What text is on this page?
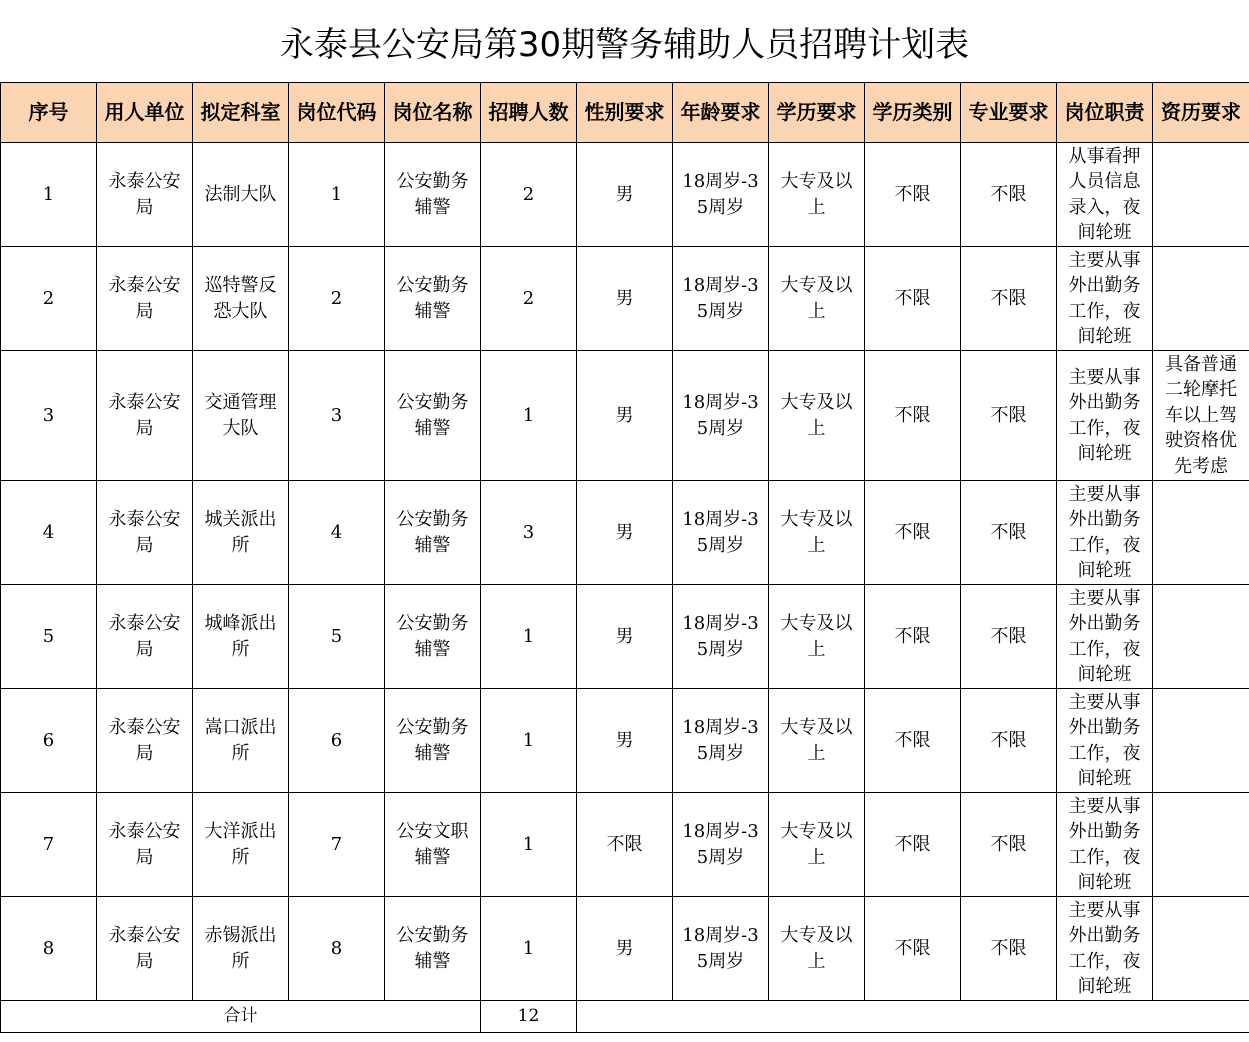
永泰县公安局第30期警务辅助人员招聘计划表
序号	用人单位	拟定科室	岗位代码	岗位名称	招聘人数	性别要求	年龄要求	学历要求	学历类别	专业要求	岗位职责	资历要求
1	永泰公安局	法制大队	1	公安勤务辅警	2	男	18周岁-35周岁	大专及以上	不限	不限	从事看押人员信息录入，夜间轮班	
2	永泰公安局	巡特警反恐大队	2	公安勤务辅警	2	男	18周岁-35周岁	大专及以上	不限	不限	主要从事外出勤务工作，夜间轮班	
3	永泰公安局	交通管理大队	3	公安勤务辅警	1	男	18周岁-35周岁	大专及以上	不限	不限	主要从事外出勤务工作，夜间轮班	具备普通二轮摩托车以上驾驶资格优先考虑
4	永泰公安局	城关派出所	4	公安勤务辅警	3	男	18周岁-35周岁	大专及以上	不限	不限	主要从事外出勤务工作，夜间轮班	
5	永泰公安局	城峰派出所	5	公安勤务辅警	1	男	18周岁-35周岁	大专及以上	不限	不限	主要从事外出勤务工作，夜间轮班	
6	永泰公安局	嵩口派出所	6	公安勤务辅警	1	男	18周岁-35周岁	大专及以上	不限	不限	主要从事外出勤务工作，夜间轮班	
7	永泰公安局	大洋派出所	7	公安文职辅警	1	不限	18周岁-35周岁	大专及以上	不限	不限	主要从事外出勤务工作，夜间轮班	
8	永泰公安局	赤锡派出所	8	公安勤务辅警	1	男	18周岁-35周岁	大专及以上	不限	不限	主要从事外出勤务工作，夜间轮班	
合计					12							
